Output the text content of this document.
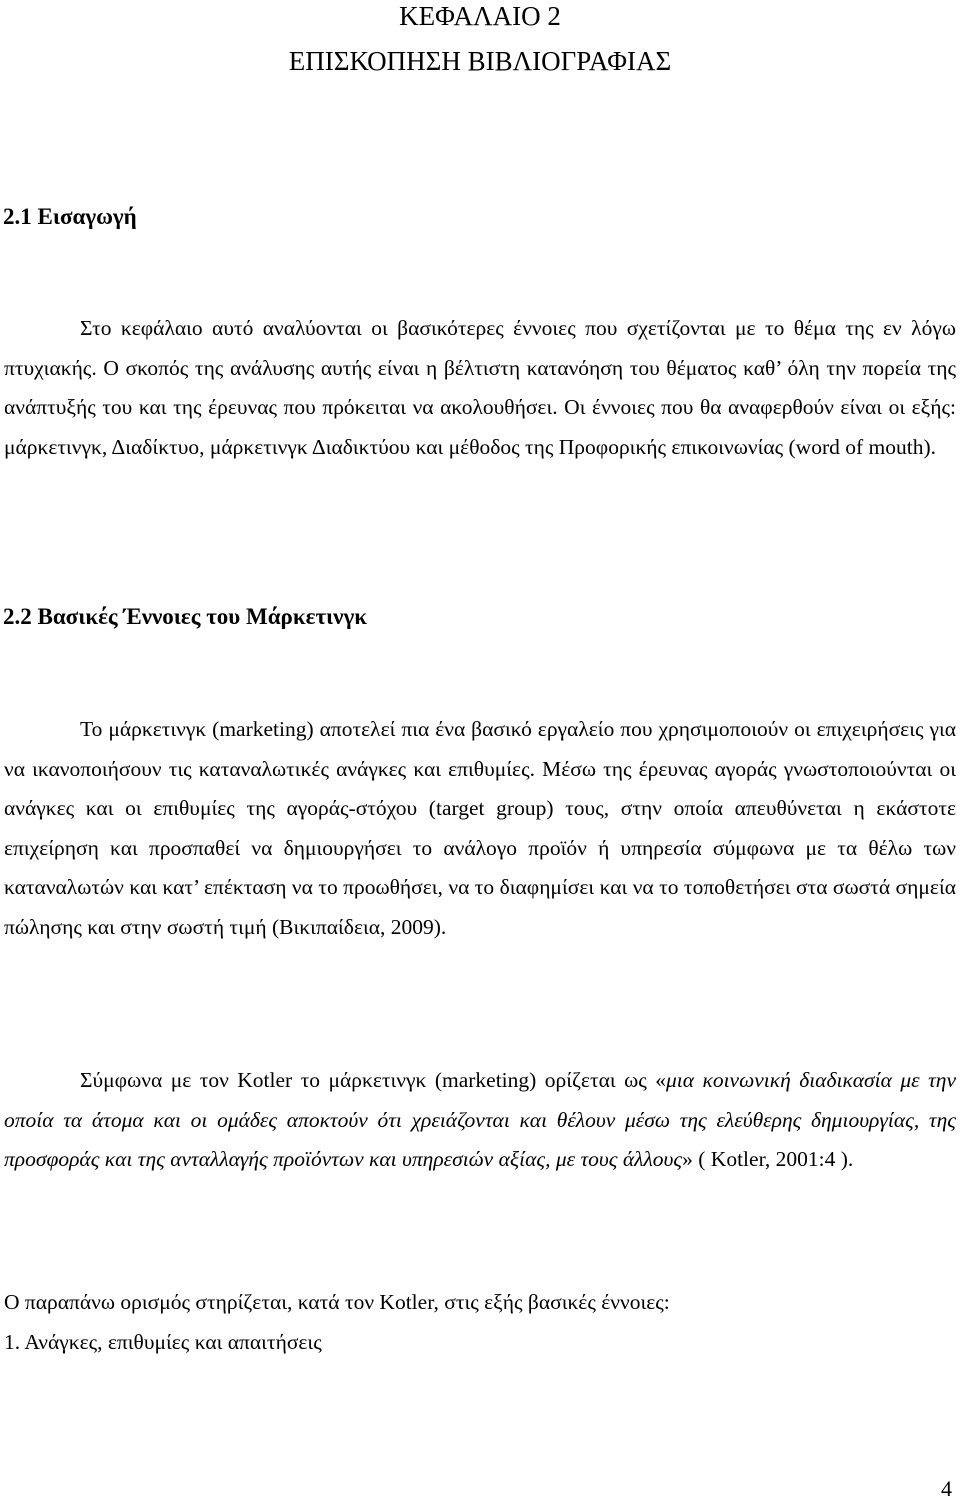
ΚΕΦΑΛΑΙΟ 2
ΕΠΙΣΚΟΠΗΣΗ ΒΙΒΛΙΟΓΡΑΦΙΑΣ
2.1 Εισαγωγή

Στο κεφάλαιο αυτό αναλύονται οι βασικότερες έννοιες που σχετίζονται με το θέμα της εν λόγω πτυχιακής. Ο σκοπός της ανάλυσης αυτής είναι η βέλτιστη κατανόηση του θέματος καθ’ όλη την πορεία της ανάπτυξής του και της έρευνας που πρόκειται να ακολουθήσει. Οι έννοιες που θα αναφερθούν είναι οι εξής: μάρκετινγκ, Διαδίκτυο, μάρκετινγκ Διαδικτύου και μέθοδος της Προφορικής επικοινωνίας (word of mouth).

2.2 Βασικές Έννοιες του Μάρκετινγκ

Το μάρκετινγκ (marketing) αποτελεί πια ένα βασικό εργαλείο που χρησιμοποιούν οι επιχειρήσεις για να ικανοποιήσουν τις καταναλωτικές ανάγκες και επιθυμίες. Μέσω της έρευνας αγοράς γνωστοποιούνται οι ανάγκες και οι επιθυμίες της αγοράς-στόχου (target group) τους, στην οποία απευθύνεται η εκάστοτε επιχείρηση και προσπαθεί να δημιουργήσει το ανάλογο προϊόν ή υπηρεσία σύμφωνα με τα θέλω των καταναλωτών και κατ’ επέκταση να το προωθήσει, να το διαφημίσει και να το τοποθετήσει στα σωστά σημεία πώλησης και στην σωστή τιμή (Βικιπαίδεια, 2009).

Σύμφωνα με τον Kotler το μάρκετινγκ (marketing) ορίζεται ως «μια κοινωνική διαδικασία με την οποία τα άτομα και οι ομάδες αποκτούν ότι χρειάζονται και θέλουν μέσω της ελεύθερης δημιουργίας, της προσφοράς και της ανταλλαγής προϊόντων και υπηρεσιών αξίας, με τους άλλους» ( Kotler, 2001:4 ).

Ο παραπάνω ορισμός στηρίζεται, κατά τον Kotler, στις εξής βασικές έννοιες:

1. Ανάγκες, επιθυμίες και απαιτήσεις

4
